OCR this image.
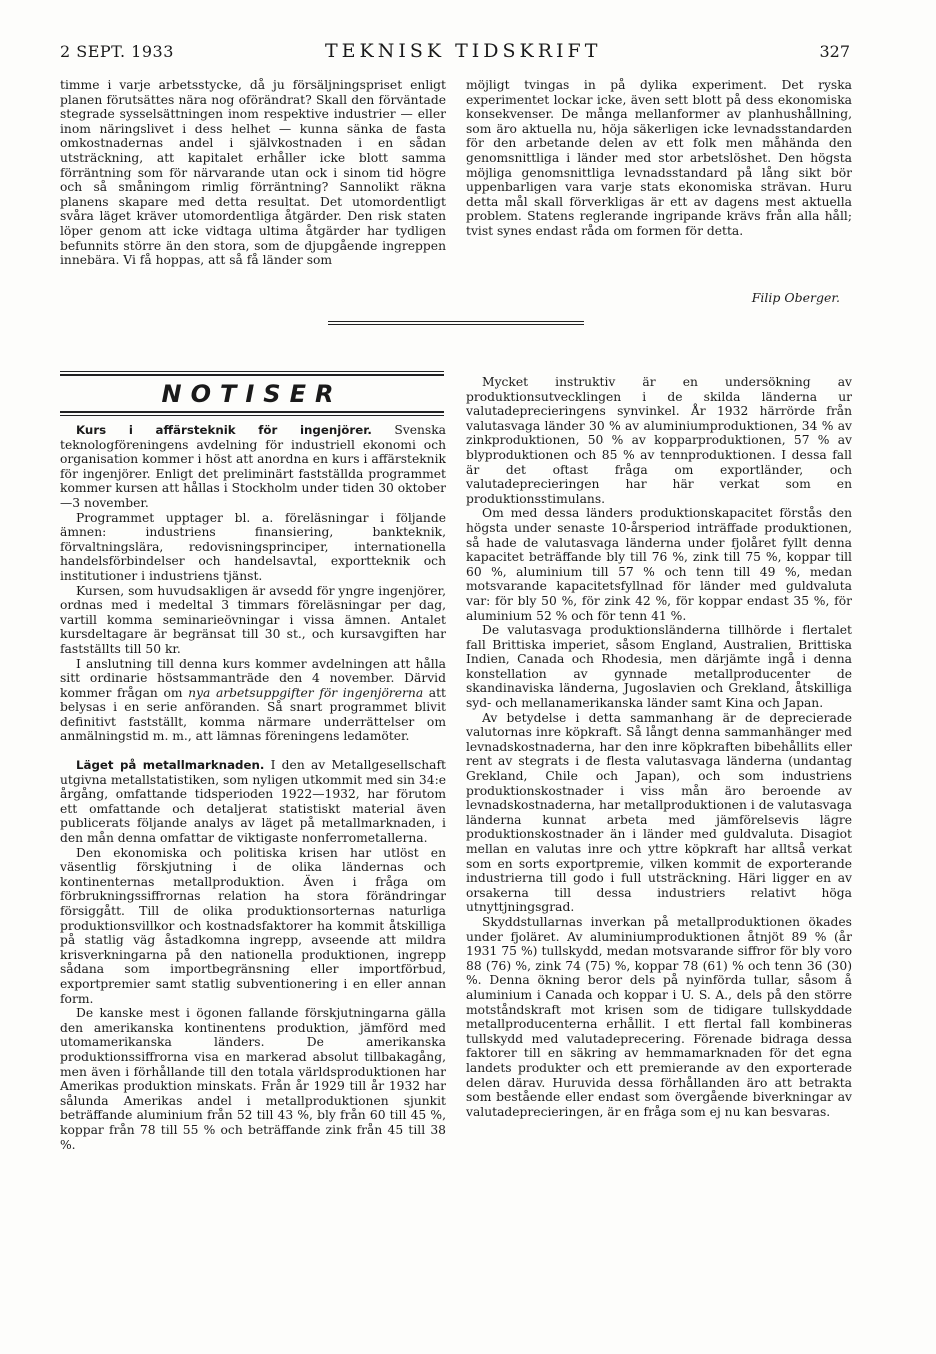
2 SEPT. 1933	TEKNISK TIDSKRIFT	327

timme i varje arbetsstycke, då ju försäljningspriset enligt planen förutsättes nära nog oförändrat? Skall den förväntade stegrade sysselsättningen inom respektive industrier — eller inom näringslivet i dess helhet — kunna sänka de fasta omkostnadernas andel i självkostnaden i en sådan utsträckning, att kapitalet erhåller icke blott samma förräntning som för närvarande utan ock i sinom tid högre och så småningom rimlig förräntning? Sannolikt räkna planens skapare med detta resultat. Det utomordentligt svåra läget kräver utomordentliga åtgärder. Den risk staten löper genom att icke vidtaga ultima åtgärder har tydligen befunnits större än den stora, som de djupgående ingreppen innebära. Vi få hoppas, att så få länder som

möjligt tvingas in på dylika experiment. Det ryska experimentet lockar icke, även sett blott på dess ekonomiska konsekvenser. De många mellanformer av planhushållning, som äro aktuella nu, höja säkerligen icke levnadsstandarden för den arbetande delen av ett folk men måhända den genomsnittliga i länder med stor arbetslöshet. Den högsta möjliga genomsnittliga levnadsstandard på lång sikt bör uppenbarligen vara varje stats ekonomiska strävan. Huru detta mål skall förverkligas är ett av dagens mest aktuella problem. Statens reglerande ingripande krävs från alla håll; tvist synes endast råda om formen för detta.

Filip Oberger.
NOTISER

Kurs i affärsteknik för ingenjörer. Svenska teknologföreningens avdelning för industriell ekonomi och organisation kommer i höst att anordna en kurs i affärsteknik för ingenjörer. Enligt det preliminärt fastställda programmet kommer kursen att hållas i Stockholm under tiden 30 oktober—3 november.

Programmet upptager bl. a. föreläsningar i följande ämnen: industriens finansiering, bankteknik, förvaltningslära, redovisningsprinciper, internationella handelsförbindelser och handelsavtal, exportteknik och institutioner i industriens tjänst.

Kursen, som huvudsakligen är avsedd för yngre ingenjörer, ordnas med i medeltal 3 timmars föreläsningar per dag, vartill komma seminarieövningar i vissa ämnen. Antalet kursdeltagare är begränsat till 30 st., och kursavgiften har fastställts till 50 kr.

I anslutning till denna kurs kommer avdelningen att hålla sitt ordinarie höstsammanträde den 4 november. Därvid kommer frågan om nya arbetsuppgifter för ingenjörerna att belysas i en serie anföranden. Så snart programmet blivit definitivt fastställt, komma närmare underrättelser om anmälningstid m. m., att lämnas föreningens ledamöter.

Läget på metallmarknaden. I den av Metallgesellschaft utgivna metallstatistiken, som nyligen utkommit med sin 34:e årgång, omfattande tidsperioden 1922—1932, har förutom ett omfattande och detaljerat statistiskt material även publicerats följande analys av läget på metallmarknaden, i den mån denna omfattar de viktigaste nonferrometallerna.

Den ekonomiska och politiska krisen har utlöst en väsentlig förskjutning i de olika ländernas och kontinenternas metallproduktion. Även i fråga om förbrukningssiffrornas relation ha stora förändringar försiggått. Till de olika produktionsorternas naturliga produktionsvillkor och kostnadsfaktorer ha kommit åtskilliga på statlig väg åstadkomna ingrepp, avseende att mildra krisverkningarna på den nationella produktionen, ingrepp sådana som importbegränsning eller importförbud, exportpremier samt statlig subventionering i en eller annan form.

De kanske mest i ögonen fallande förskjutningarna gälla den amerikanska kontinentens produktion, jämförd med utomamerikanska länders. De amerikanska produktionssiffrorna visa en markerad absolut tillbakagång, men även i förhållande till den totala världsproduktionen har Amerikas produktion minskats. Från år 1929 till år 1932 har sålunda Amerikas andel i metallproduktionen sjunkit beträffande aluminium från 52 till 43 %, bly från 60 till 45 %, koppar från 78 till 55 % och beträffande zink från 45 till 38 %.

Mycket instruktiv är en undersökning av produktionsutvecklingen i de skilda länderna ur valutadeprecieringens synvinkel. År 1932 härrörde från valutasvaga länder 30 % av aluminiumproduktionen, 34 % av zinkproduktionen, 50 % av kopparproduktionen, 57 % av blyproduktionen och 85 % av tennproduktionen. I dessa fall är det oftast fråga om exportländer, och valutadeprecieringen har här verkat som en produktionsstimulans.

Om med dessa länders produktionskapacitet förstås den högsta under senaste 10-årsperiod inträffade produktionen, så hade de valutasvaga länderna under fjolåret fyllt denna kapacitet beträffande bly till 76 %, zink till 75 %, koppar till 60 %, aluminium till 57 % och tenn till 49 %, medan motsvarande kapacitetsfyllnad för länder med guldvaluta var: för bly 50 %, för zink 42 %, för koppar endast 35 %, för aluminium 52 % och för tenn 41 %.

De valutasvaga produktionsländerna tillhörde i flertalet fall Brittiska imperiet, såsom England, Australien, Brittiska Indien, Canada och Rhodesia, men därjämte ingå i denna konstellation av gynnade metallproducenter de skandinaviska länderna, Jugoslavien och Grekland, åtskilliga syd- och mellanamerikanska länder samt Kina och Japan.

Av betydelse i detta sammanhang är de deprecierade valutornas inre köpkraft. Så långt denna sammanhänger med levnadskostnaderna, har den inre köpkraften bibehållits eller rent av stegrats i de flesta valutasvaga länderna (undantag Grekland, Chile och Japan), och som industriens produktionskostnader i viss mån äro beroende av levnadskostnaderna, har metallproduktionen i de valutasvaga länderna kunnat arbeta med jämförelsevis lägre produktionskostnader än i länder med guldvaluta. Disagiot mellan en valutas inre och yttre köpkraft har alltså verkat som en sorts exportpremie, vilken kommit de exporterande industrierna till godo i full utsträckning. Häri ligger en av orsakerna till dessa industriers relativt höga utnyttjningsgrad.

Skyddstullarnas inverkan på metallproduktionen ökades under fjoläret. Av aluminiumproduktionen åtnjöt 89 % (år 1931 75 %) tullskydd, medan motsvarande siffror för bly voro 88 (76) %, zink 74 (75) %, koppar 78 (61) % och tenn 36 (30) %. Denna ökning beror dels på nyinförda tullar, såsom å aluminium i Canada och koppar i U. S. A., dels på den större motståndskraft mot krisen som de tidigare tullskyddade metallproducenterna erhållit. I ett flertal fall kombineras tullskydd med valutadeprecering. Förenade bidraga dessa faktorer till en säkring av hemmamarknaden för det egna landets produkter och ett premierande av den exporterade delen därav. Huruvida dessa förhållanden äro att betrakta som bestående eller endast som övergående biverkningar av valutadeprecieringen, är en fråga som ej nu kan besvaras.
